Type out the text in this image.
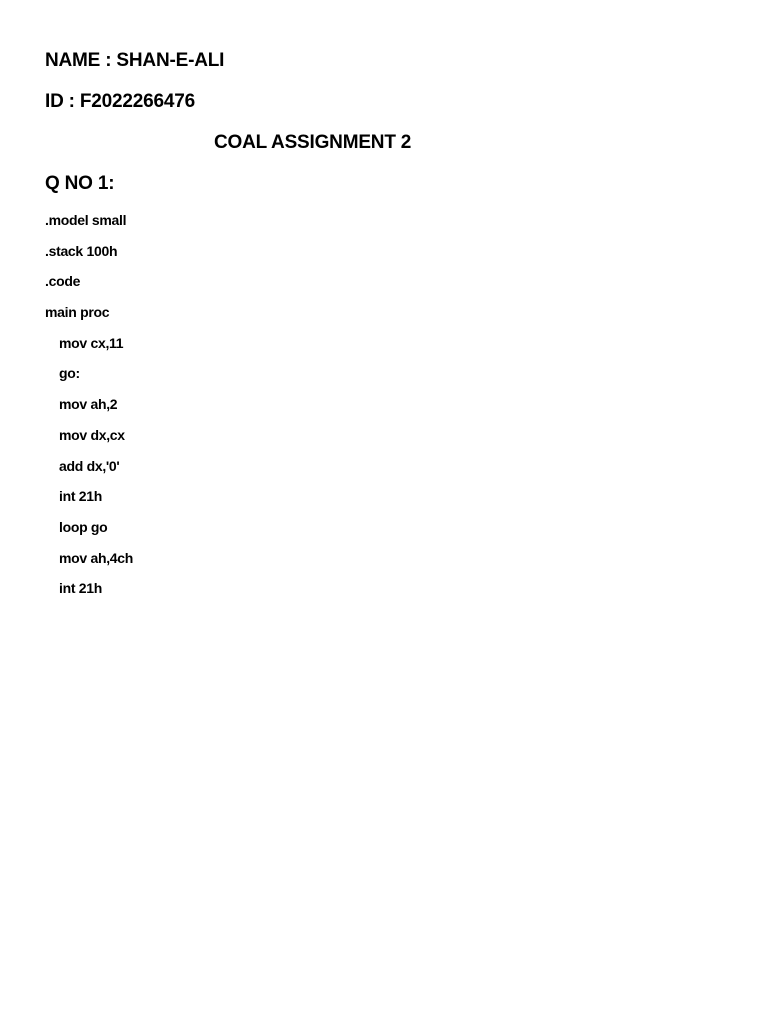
NAME : SHAN-E-ALI
ID : F2022266476
COAL ASSIGNMENT 2
Q NO 1:
.model small
.stack 100h
.code
main proc
mov cx,11
go:
mov ah,2
mov dx,cx
add dx,'0'
int 21h
loop go
mov ah,4ch
int 21h
